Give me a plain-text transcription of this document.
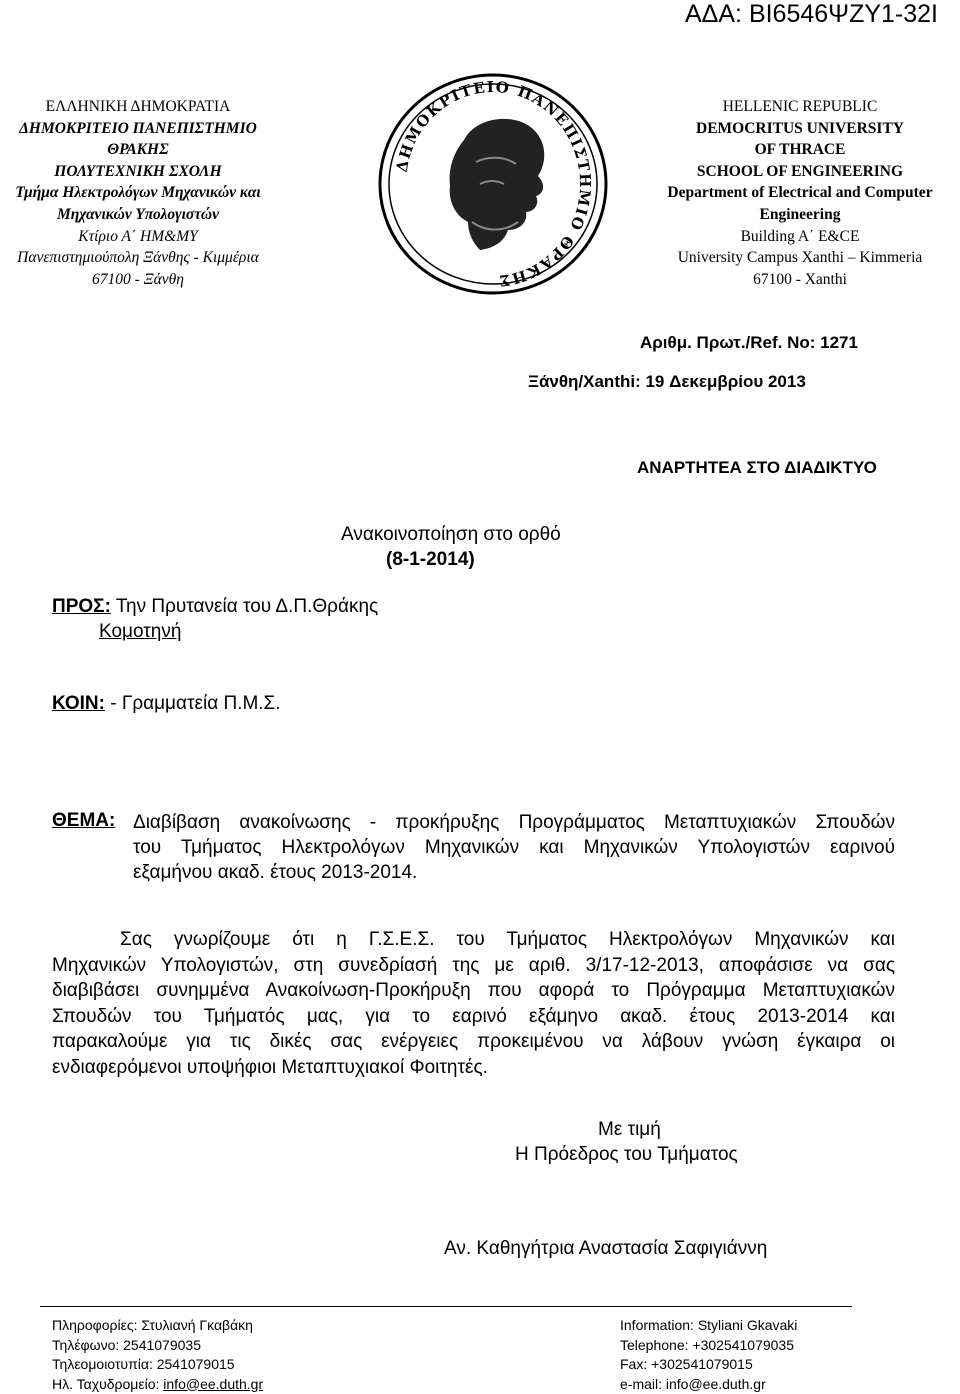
ΑΔΑ: ΒΙ6546ΨΖΥ1-32Ι
ΕΛΛΗΝΙΚΗ ΔΗΜΟΚΡΑΤΙΑ
ΔΗΜΟΚΡΙΤΕΙΟ ΠΑΝΕΠΙΣΤΗΜΙΟ
ΘΡΑΚΗΣ
ΠΟΛΥΤΕΧΝΙΚΗ ΣΧΟΛΗ
Τμήμα Ηλεκτρολόγων Μηχανικών και
Μηχανικών Υπολογιστών
Κτίριο Α΄ ΗΜ&ΜΥ
Πανεπιστημιούπολη Ξάνθης - Κιμμέρια
67100 - Ξάνθη
ΔΗΜΟΚΡΙΤΕΙΟ ΠΑΝΕΠΙΣΤΗΜΙΟ ΘΡΑΚΗΣ
HELLENIC REPUBLIC
DEMOCRITUS UNIVERSITY
OF THRACE
SCHOOL OF ENGINEERING
Department of Electrical and Computer
Engineering
Building A΄ E&CE
University Campus Xanthi – Kimmeria
67100 - Xanthi
Αριθμ. Πρωτ./Ref. No: 1271
Ξάνθη/Xanthi: 19 Δεκεμβρίου 2013
ΑΝΑΡΤΗΤΕΑ ΣΤΟ ΔΙΑΔΙΚΤΥΟ
Ανακοινοποίηση στο ορθό
(8-1-2014)
ΠΡΟΣ: Την Πρυτανεία του Δ.Π.Θράκης
Κομοτηνή
ΚΟΙΝ: - Γραμματεία Π.Μ.Σ.
ΘΕΜΑ: Διαβίβαση ανακοίνωσης - προκήρυξης Προγράμματος Μεταπτυχιακών Σπουδών
του Τμήματος Ηλεκτρολόγων Μηχανικών και Μηχανικών Υπολογιστών εαρινού
εξαμήνου ακαδ. έτους 2013-2014.
Σας γνωρίζουμε ότι η Γ.Σ.Ε.Σ. του Τμήματος Ηλεκτρολόγων Μηχανικών και
Μηχανικών Υπολογιστών, στη συνεδρίασή της με αριθ. 3/17-12-2013, αποφάσισε να σας
διαβιβάσει συνημμένα Ανακοίνωση-Προκήρυξη που αφορά το Πρόγραμμα Μεταπτυχιακών
Σπουδών του Τμήματός μας, για το εαρινό εξάμηνο ακαδ. έτους 2013-2014 και
παρακαλούμε για τις δικές σας ενέργειες προκειμένου να λάβουν γνώση έγκαιρα οι
ενδιαφερόμενοι υποψήφιοι Μεταπτυχιακοί Φοιτητές.
Με τιμή
Η Πρόεδρος του Τμήματος
Αν. Καθηγήτρια Αναστασία Σαφιγιάννη
Πληροφορίες: Στυλιανή Γκαβάκη
Τηλέφωνο: 2541079035
Τηλεομοιοτυπία: 2541079015
Ηλ. Ταχυδρομείο: info@ee.duth.gr
Information: Styliani Gkavaki
Telephone: +302541079035
Fax: +302541079015
e-mail: info@ee.duth.gr
